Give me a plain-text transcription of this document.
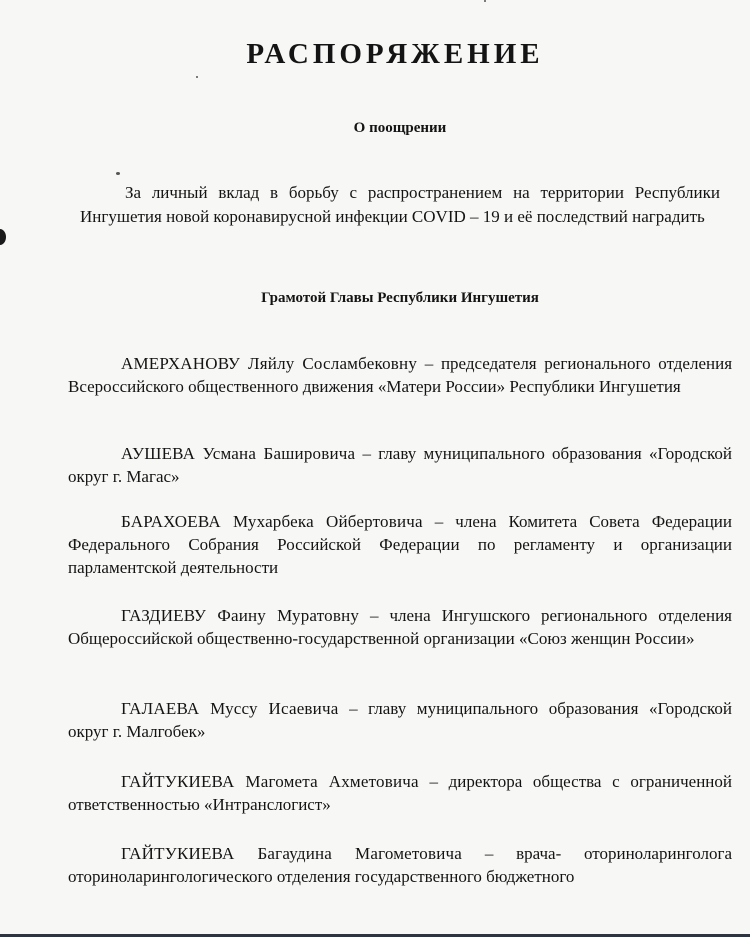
РАСПОРЯЖЕНИЕ
О поощрении
За личный вклад в борьбу с распространением на территории Республики Ингушетия новой коронавирусной инфекции COVID – 19 и её последствий наградить
Грамотой Главы Республики Ингушетия
АМЕРХАНОВУ Ляйлу Сосламбековну – председателя регионального отделения Всероссийского общественного движения «Матери России» Республики Ингушетия
АУШЕВА Усмана Башировича – главу муниципального образования «Городской округ г. Магас»
БАРАХОЕВА Мухарбека Ойбертовича – члена Комитета Совета Федерации Федерального Собрания Российской Федерации по регламенту и организации парламентской деятельности
ГАЗДИЕВУ Фаину Муратовну – члена Ингушского регионального отделения Общероссийской общественно-государственной организации «Союз женщин России»
ГАЛАЕВА Муссу Исаевича – главу муниципального образования «Городской округ г. Малгобек»
ГАЙТУКИЕВА Магомета Ахметовича – директора общества с ограниченной ответственностью «Интранслогист»
ГАЙТУКИЕВА Багаудина Магометовича – врача- оториноларинголога оториноларингологического отделения государственного бюджетного
